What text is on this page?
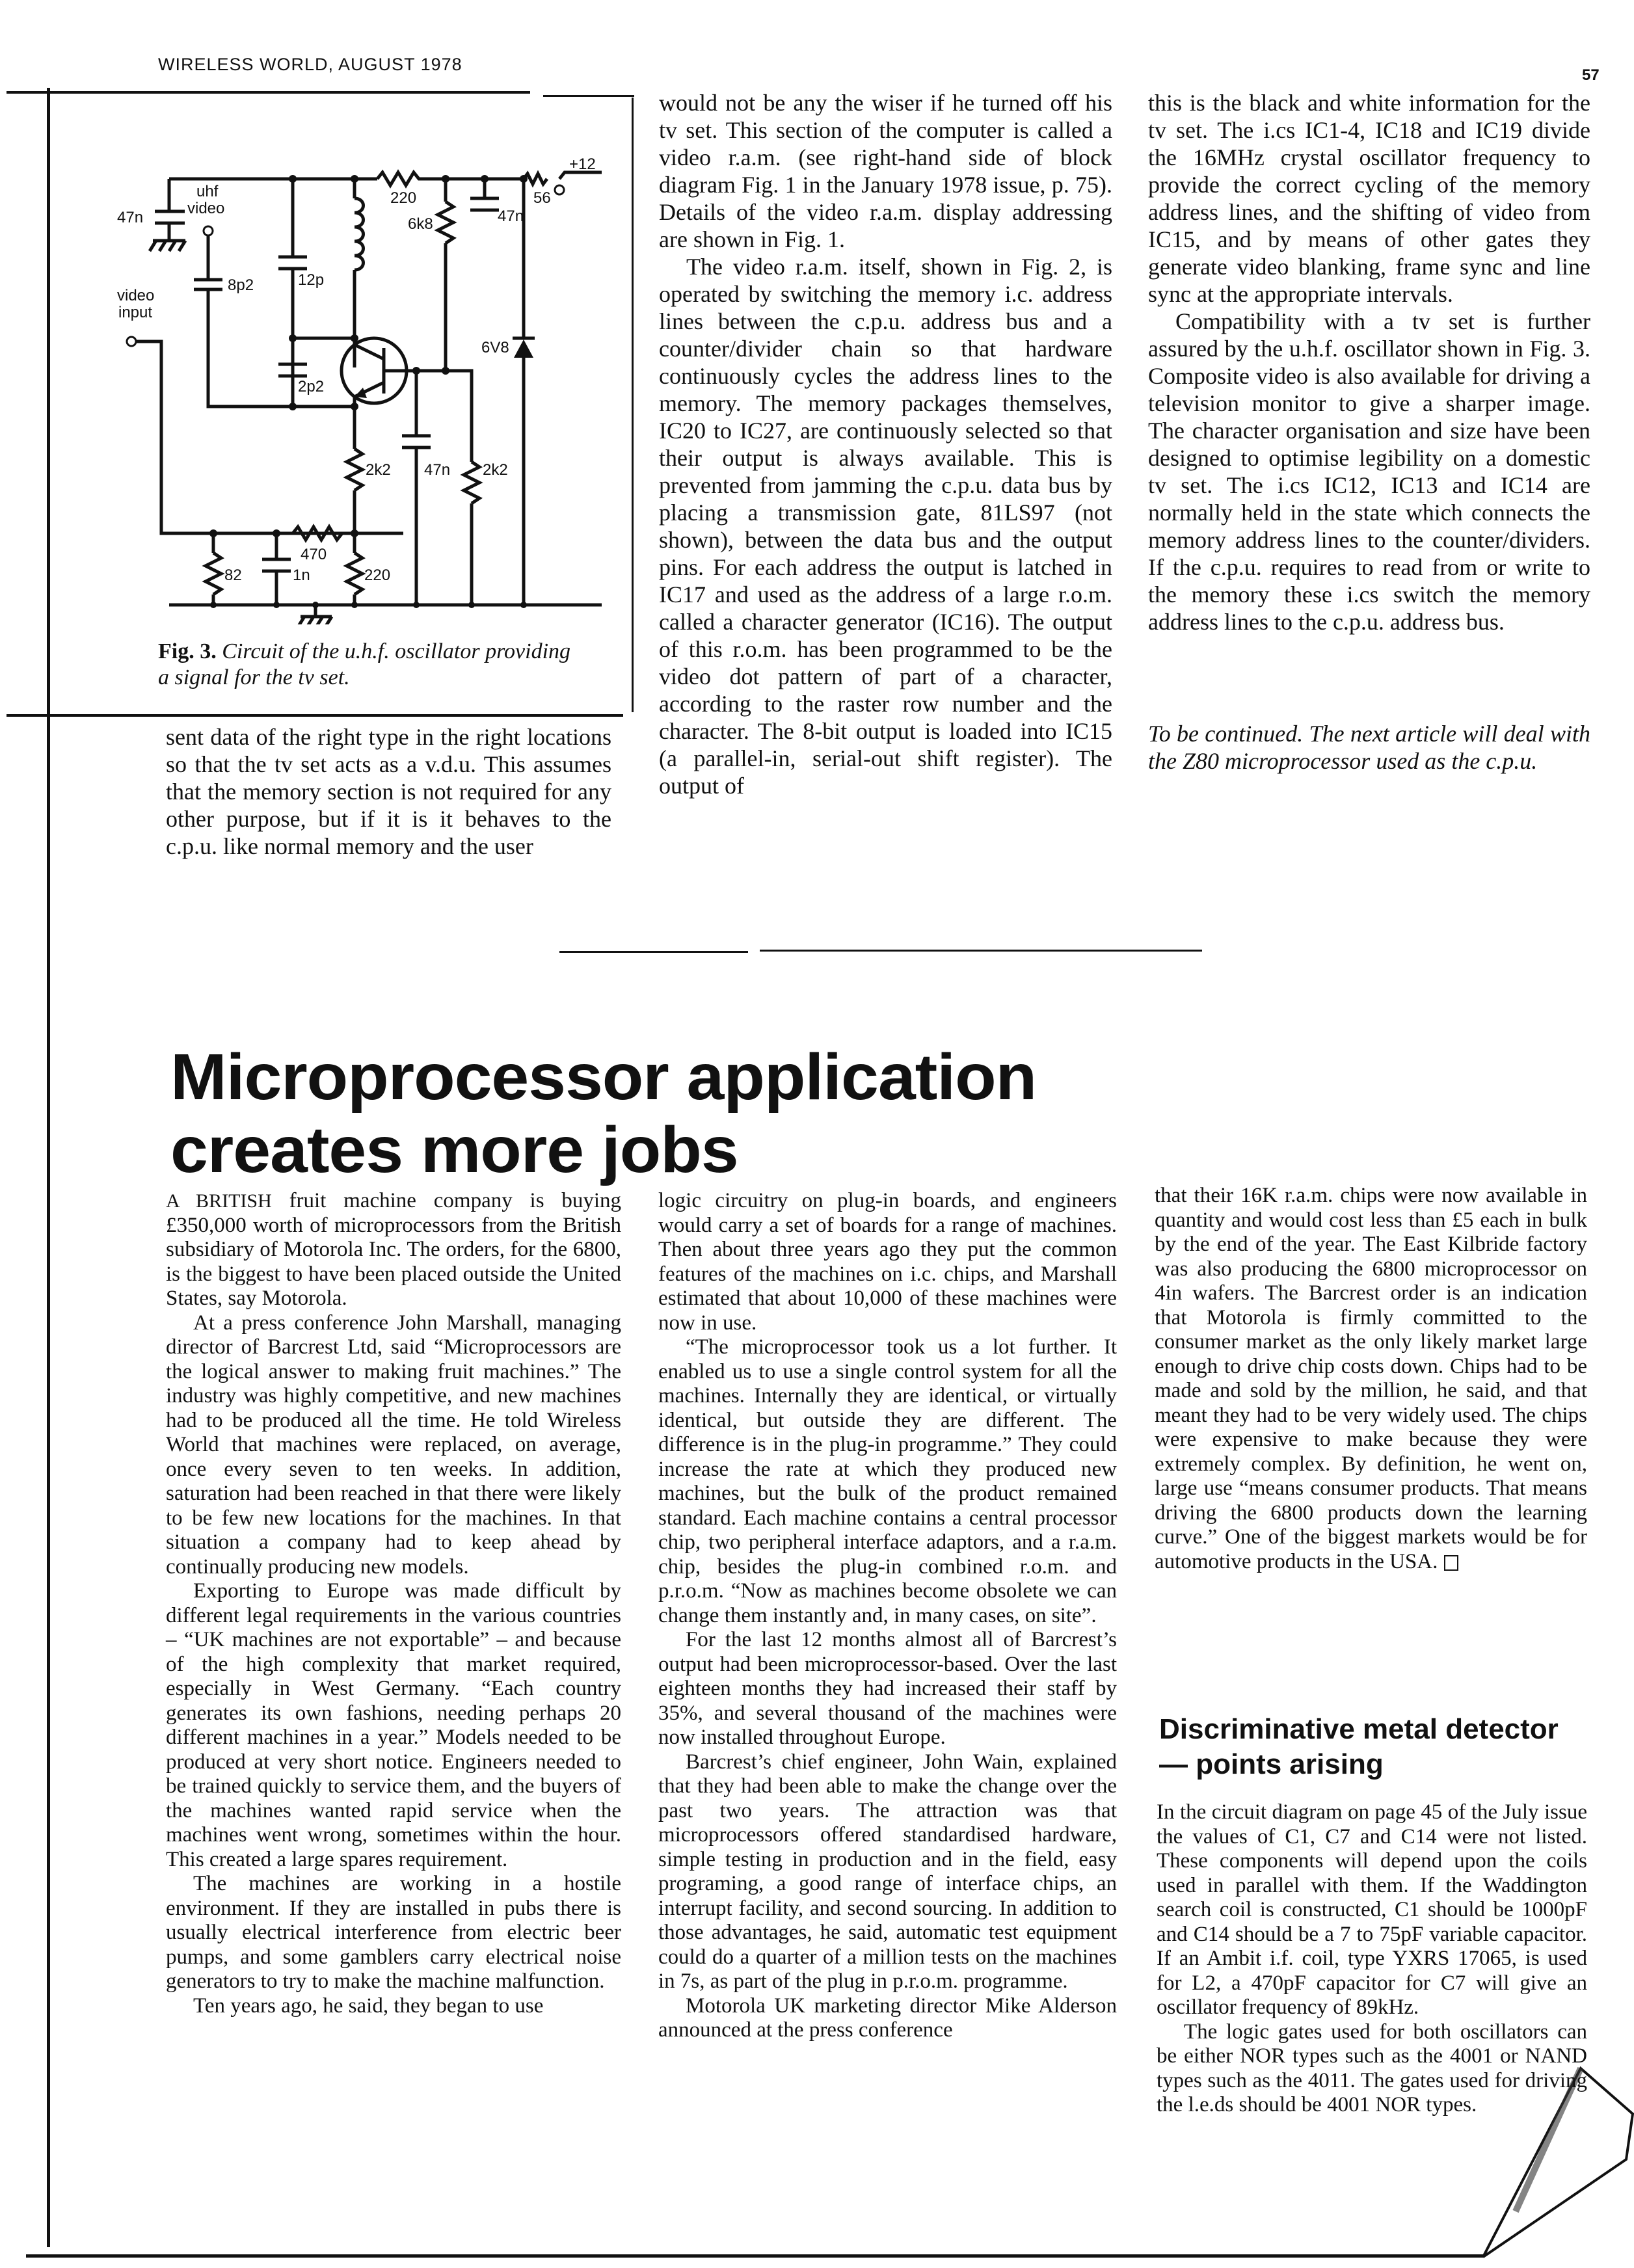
WIRELESS WORLD, AUGUST 1978
57
47n
uhf
video
video
input
8p2	12p
2p2
220
6k8	47n
56
+12
6V8
2k2 47n 2k2
470
82	1n	220
Fig. 3. Circuit of the u.h.f. oscillator providing a signal for the tv set.

sent data of the right type in the right locations so that the tv set acts as a v.d.u. This assumes that the memory section is not required for any other purpose, but if it is it behaves to the c.p.u. like normal memory and the user

would not be any the wiser if he turned off his tv set. This section of the computer is called a video r.a.m. (see right-hand side of block diagram Fig. 1 in the January 1978 issue, p. 75). Details of the video r.a.m. display addressing are shown in Fig. 1.

The video r.a.m. itself, shown in Fig. 2, is operated by switching the memory i.c. address lines between the c.p.u. address bus and a counter/divider chain so that hardware continuously cycles the address lines to the memory. The memory packages themselves, IC20 to IC27, are continuously selected so that their output is always available. This is prevented from jamming the c.p.u. data bus by placing a transmission gate, 81LS97 (not shown), between the data bus and the output pins. For each address the output is latched in IC17 and used as the address of a large r.o.m. called a character generator (IC16). The output of this r.o.m. has been programmed to be the video dot pattern of part of a character, according to the raster row number and the character. The 8-bit output is loaded into IC15 (a parallel-in, serial-out shift register). The output of

this is the black and white information for the tv set. The i.cs IC1-4, IC18 and IC19 divide the 16MHz crystal oscillator frequency to provide the correct cycling of the memory address lines, and the shifting of video from IC15, and by means of other gates they generate video blanking, frame sync and line sync at the appropriate intervals.

Compatibility with a tv set is further assured by the u.h.f. oscillator shown in Fig. 3. Composite video is also available for driving a television monitor to give a sharper image. The character organisation and size have been designed to optimise legibility on a domestic tv set. The i.cs IC12, IC13 and IC14 are normally held in the state which connects the memory address lines to the counter/dividers. If the c.p.u. requires to read from or write to the memory these i.cs switch the memory address lines to the c.p.u. address bus.

To be continued. The next article will deal with the Z80 microprocessor used as the c.p.u.

Microprocessor application
creates more jobs

A BRITISH fruit machine company is buying £350,000 worth of microprocessors from the British subsidiary of Motorola Inc. The orders, for the 6800, is the biggest to have been placed outside the United States, say Motorola.

At a press conference John Marshall, managing director of Barcrest Ltd, said “Microprocessors are the logical answer to making fruit machines.” The industry was highly competitive, and new machines had to be produced all the time. He told Wireless World that machines were replaced, on average, once every seven to ten weeks. In addition, saturation had been reached in that there were likely to be few new locations for the machines. In that situation a company had to keep ahead by continually producing new models.

Exporting to Europe was made difficult by different legal requirements in the various countries – “UK machines are not exportable” – and because of the high complexity that market required, especially in West Germany. “Each country generates its own fashions, needing perhaps 20 different machines in a year.” Models needed to be produced at very short notice. Engineers needed to be trained quickly to service them, and the buyers of the machines wanted rapid service when the machines went wrong, sometimes within the hour. This created a large spares requirement.

The machines are working in a hostile environment. If they are installed in pubs there is usually electrical interference from electric beer pumps, and some gamblers carry electrical noise generators to try to make the machine malfunction.

Ten years ago, he said, they began to use

logic circuitry on plug-in boards, and engineers would carry a set of boards for a range of machines. Then about three years ago they put the common features of the machines on i.c. chips, and Marshall estimated that about 10,000 of these machines were now in use.

“The microprocessor took us a lot further. It enabled us to use a single control system for all the machines. Internally they are identical, or virtually identical, but outside they are different. The difference is in the plug-in programme.” They could increase the rate at which they produced new machines, but the bulk of the product remained standard. Each machine contains a central processor chip, two peripheral interface adaptors, and a r.a.m. chip, besides the plug-in combined r.o.m. and p.r.o.m. “Now as machines become obsolete we can change them instantly and, in many cases, on site”.

For the last 12 months almost all of Barcrest’s output had been microprocessor-based. Over the last eighteen months they had increased their staff by 35%, and several thousand of the machines were now installed throughout Europe.

Barcrest’s chief engineer, John Wain, explained that they had been able to make the change over the past two years. The attraction was that microprocessors offered standardised hardware, simple testing in production and in the field, easy programing, a good range of interface chips, an interrupt facility, and second sourcing. In addition to those advantages, he said, automatic test equipment could do a quarter of a million tests on the machines in 7s, as part of the plug in p.r.o.m. programme.

Motorola UK marketing director Mike Alderson announced at the press conference

that their 16K r.a.m. chips were now available in quantity and would cost less than £5 each in bulk by the end of the year. The East Kilbride factory was also producing the 6800 microprocessor on 4in wafers. The Barcrest order is an indication that Motorola is firmly committed to the consumer market as the only likely market large enough to drive chip costs down. Chips had to be made and sold by the million, he said, and that meant they had to be very widely used. The chips were expensive to make because they were extremely complex. By definition, he went on, large use “means consumer products. That means driving the 6800 products down the learning curve.” One of the biggest markets would be for automotive products in the USA.

Discriminative metal detector — points arising

In the circuit diagram on page 45 of the July issue the values of C1, C7 and C14 were not listed. These components will depend upon the coils used in parallel with them. If the Waddington search coil is constructed, C1 should be 1000pF and C14 should be a 7 to 75pF variable capacitor. If an Ambit i.f. coil, type YXRS 17065, is used for L2, a 470pF capacitor for C7 will give an oscillator frequency of 89kHz.

The logic gates used for both oscillators can be either NOR types such as the 4001 or NAND types such as the 4011. The gates used for driving the l.e.ds should be 4001 NOR types.
